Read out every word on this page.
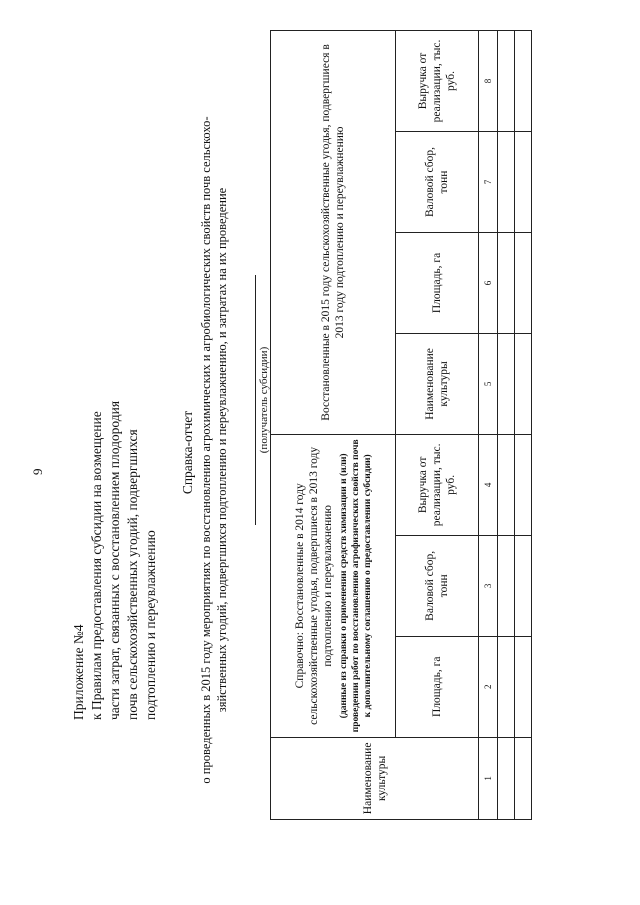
9
Приложение №4 к Правилам предоставления субсидии на возмещение части затрат, связанных с восстановлением плодородия почв сельскохозяйственных угодий, подвергшихся подтоплению и переувлажнению
Справка-отчет о проведенных в 2015 году мероприятиях по восстановлению агрохимических и агробиологических свойств почв сельскохо- зяйственных угодий, подвергшихся подтоплению и переувлажнению, и затратах на их проведение	(получатель субсидии)
Наименование культуры	Справочно: Восстановленные в 2014 году сельскохозяйственные угодья, подвергшиеся в 2013 году подтоплению и переувлажнению (данные из справки о применении средств химизации и (или) проведении работ по восстановлению агрофизических свойств почв к дополнительному соглашению о предоставлении субсидии)			Восстановленные в 2015 году сельскохозяйственные угодья, подвергшиеся в 2013 году подтоплению и переувлажнению			
	Площадь, га	Валовой сбор, тонн	Выручка от реализации, тыс. руб.	Наименование культуры	Площадь, га	Валовой сбор, тонн	Выручка от реализации, тыс. руб.
1	2	3	4	5	6	7	8
